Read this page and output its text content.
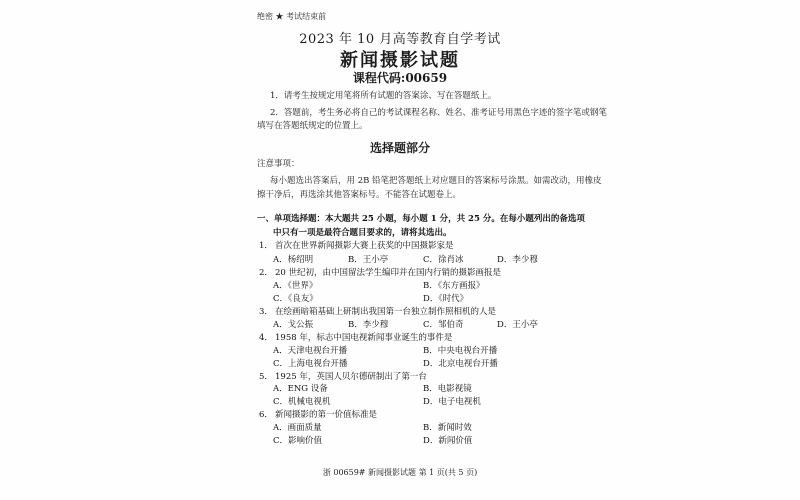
绝密 ★ 考试结束前
2023 年 10 月高等教育自学考试
新闻摄影试题
课程代码:00659
1．请考生按规定用笔将所有试题的答案涂、写在答题纸上。
2．答题前，考生务必将自己的考试课程名称、姓名、准考证号用黑色字迹的签字笔或钢笔
填写在答题纸规定的位置上。
选择题部分
注意事项：
每小题选出答案后，用 2B 铅笔把答题纸上对应题目的答案标号涂黑。如需改动，用橡皮
擦干净后，再选涂其他答案标号。不能答在试题卷上。
一、单项选择题：本大题共 25 小题，每小题 1 分，共 25 分。在每小题列出的备选项
中只有一项是最符合题目要求的，请将其选出。
1． 首次在世界新闻摄影大赛上获奖的中国摄影家是
A．杨绍明	B．王小亭	C．徐肖冰	D．李少穆
2． 20 世纪初，由中国留法学生编印并在国内行销的摄影画报是
A．《世界》	B．《东方画报》
C．《良友》	D．《时代》
3． 在绘画暗箱基础上研制出我国第一台独立制作照相机的人是
A．戈公振	B．李少穆	C．邹伯奇	D．王小亭
4． 1958 年，标志中国电视新闻事业诞生的事件是
A．天津电视台开播	B．中央电视台开播
C．上海电视台开播	D．北京电视台开播
5． 1925 年，英国人贝尔德研制出了第一台
A．ENG 设备	B．电影视镜
C．机械电视机	D．电子电视机
6． 新闻摄影的第一价值标准是
A．画面质量	B．新闻时效
C．影响价值	D．新闻价值
浙 00659# 新闻摄影试题 第 1 页(共 5 页)
